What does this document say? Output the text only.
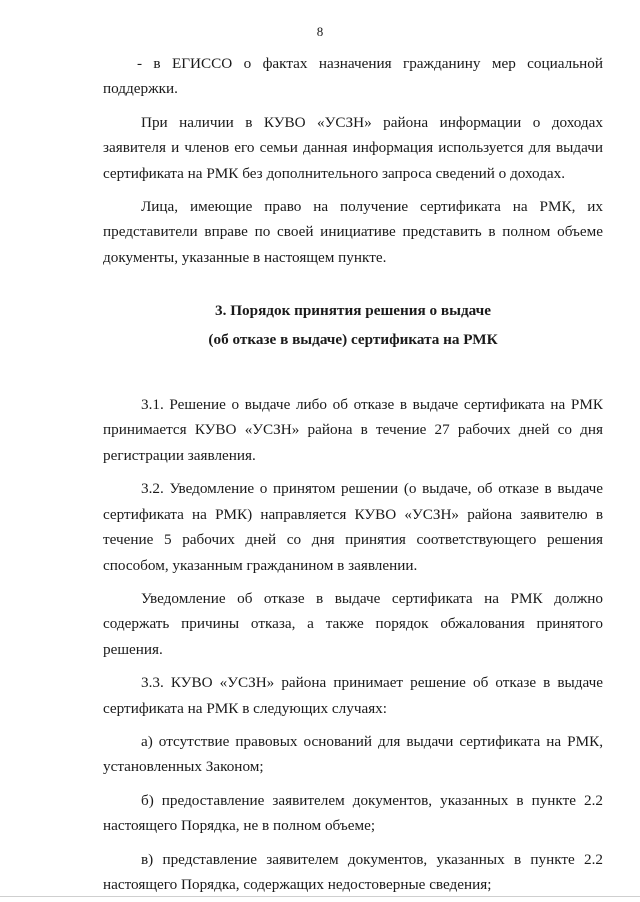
8

- в ЕГИССО о фактах назначения гражданину мер социальной поддержки.

При наличии в КУВО «УСЗН» района информации о доходах заявителя и членов его семьи данная информация используется для выдачи сертификата на РМК без дополнительного запроса сведений о доходах.

Лица, имеющие право на получение сертификата на РМК, их представители вправе по своей инициативе представить в полном объеме документы, указанные в настоящем пункте.

3. Порядок принятия решения о выдаче

(об отказе в выдаче) сертификата на РМК

3.1. Решение о выдаче либо об отказе в выдаче сертификата на РМК принимается КУВО «УСЗН» района в течение 27 рабочих дней со дня регистрации заявления.

3.2. Уведомление о принятом решении (о выдаче, об отказе в выдаче сертификата на РМК) направляется КУВО «УСЗН» района заявителю в течение 5 рабочих дней со дня принятия соответствующего решения способом, указанным гражданином в заявлении.

Уведомление об отказе в выдаче сертификата на РМК должно содержать причины отказа, а также порядок обжалования принятого решения.

3.3. КУВО «УСЗН» района принимает решение об отказе в выдаче сертификата на РМК в следующих случаях:

а) отсутствие правовых оснований для выдачи сертификата на РМК, установленных Законом;

б) предоставление заявителем документов, указанных в пункте 2.2 настоящего Порядка, не в полном объеме;

в) представление заявителем документов, указанных в пункте 2.2 настоящего Порядка, содержащих недостоверные сведения;
